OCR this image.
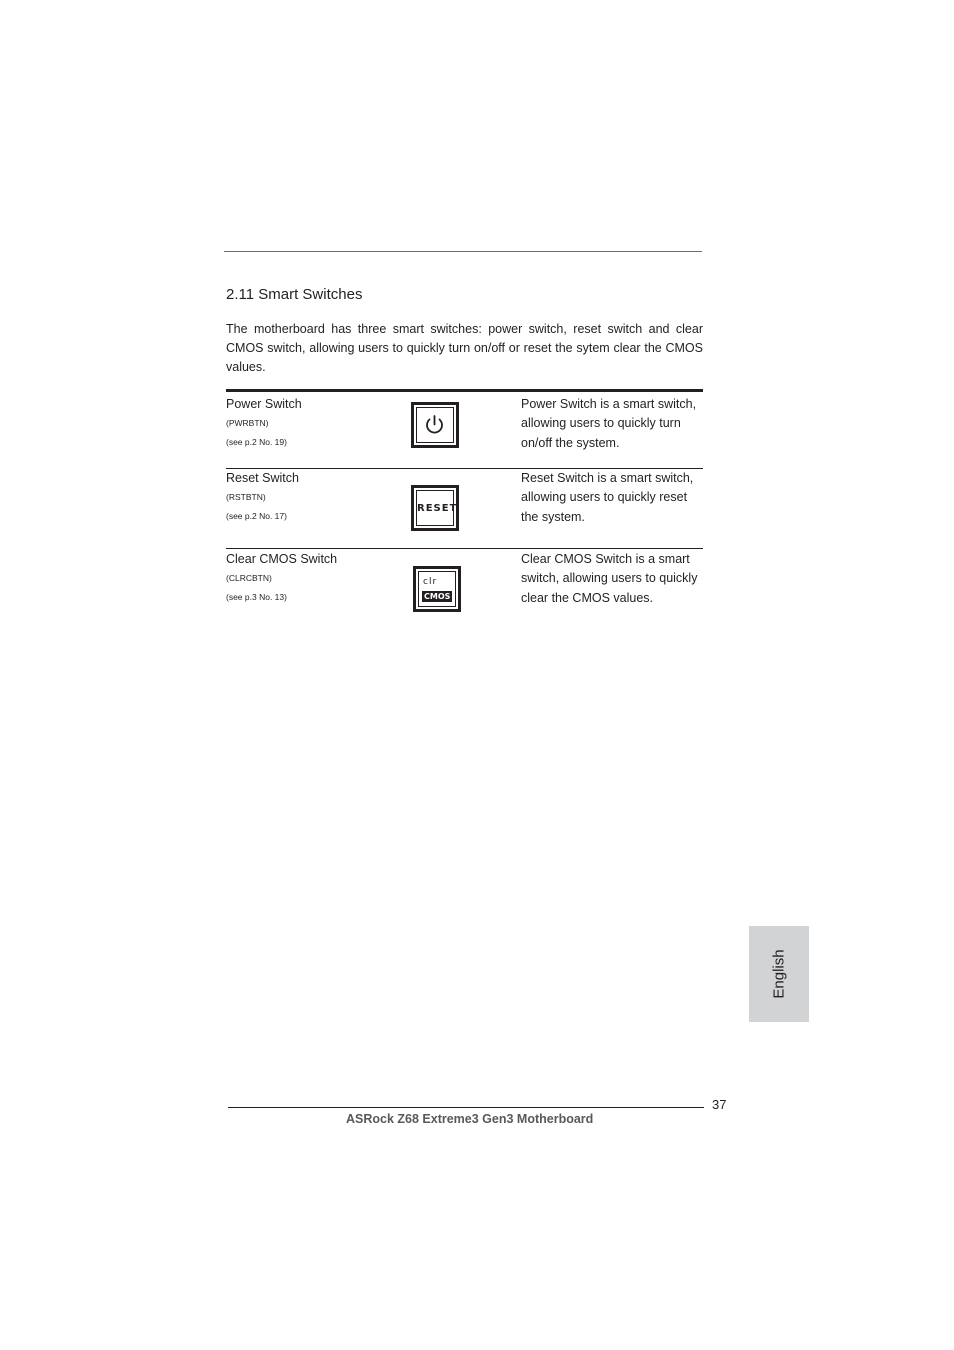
2.11 Smart Switches
The motherboard has three smart switches: power switch, reset switch and clear CMOS switch, allowing users to quickly turn on/off or reset the sytem clear the CMOS values.
Power Switch
(PWRBTN)
(see p.2 No. 19)
Power Switch is a smart switch, allowing users to quickly turn on/off the system.
Reset Switch
(RSTBTN)
(see p.2 No. 17)
Reset Switch is a smart switch, allowing users to quickly reset the system.
RESET
Clear CMOS Switch
(CLRCBTN)
(see p.3 No. 13)
Clear CMOS Switch is a smart switch, allowing users to quickly clear the CMOS values.
clr
CMOS
English
37
ASRock Z68 Extreme3 Gen3 Motherboard
